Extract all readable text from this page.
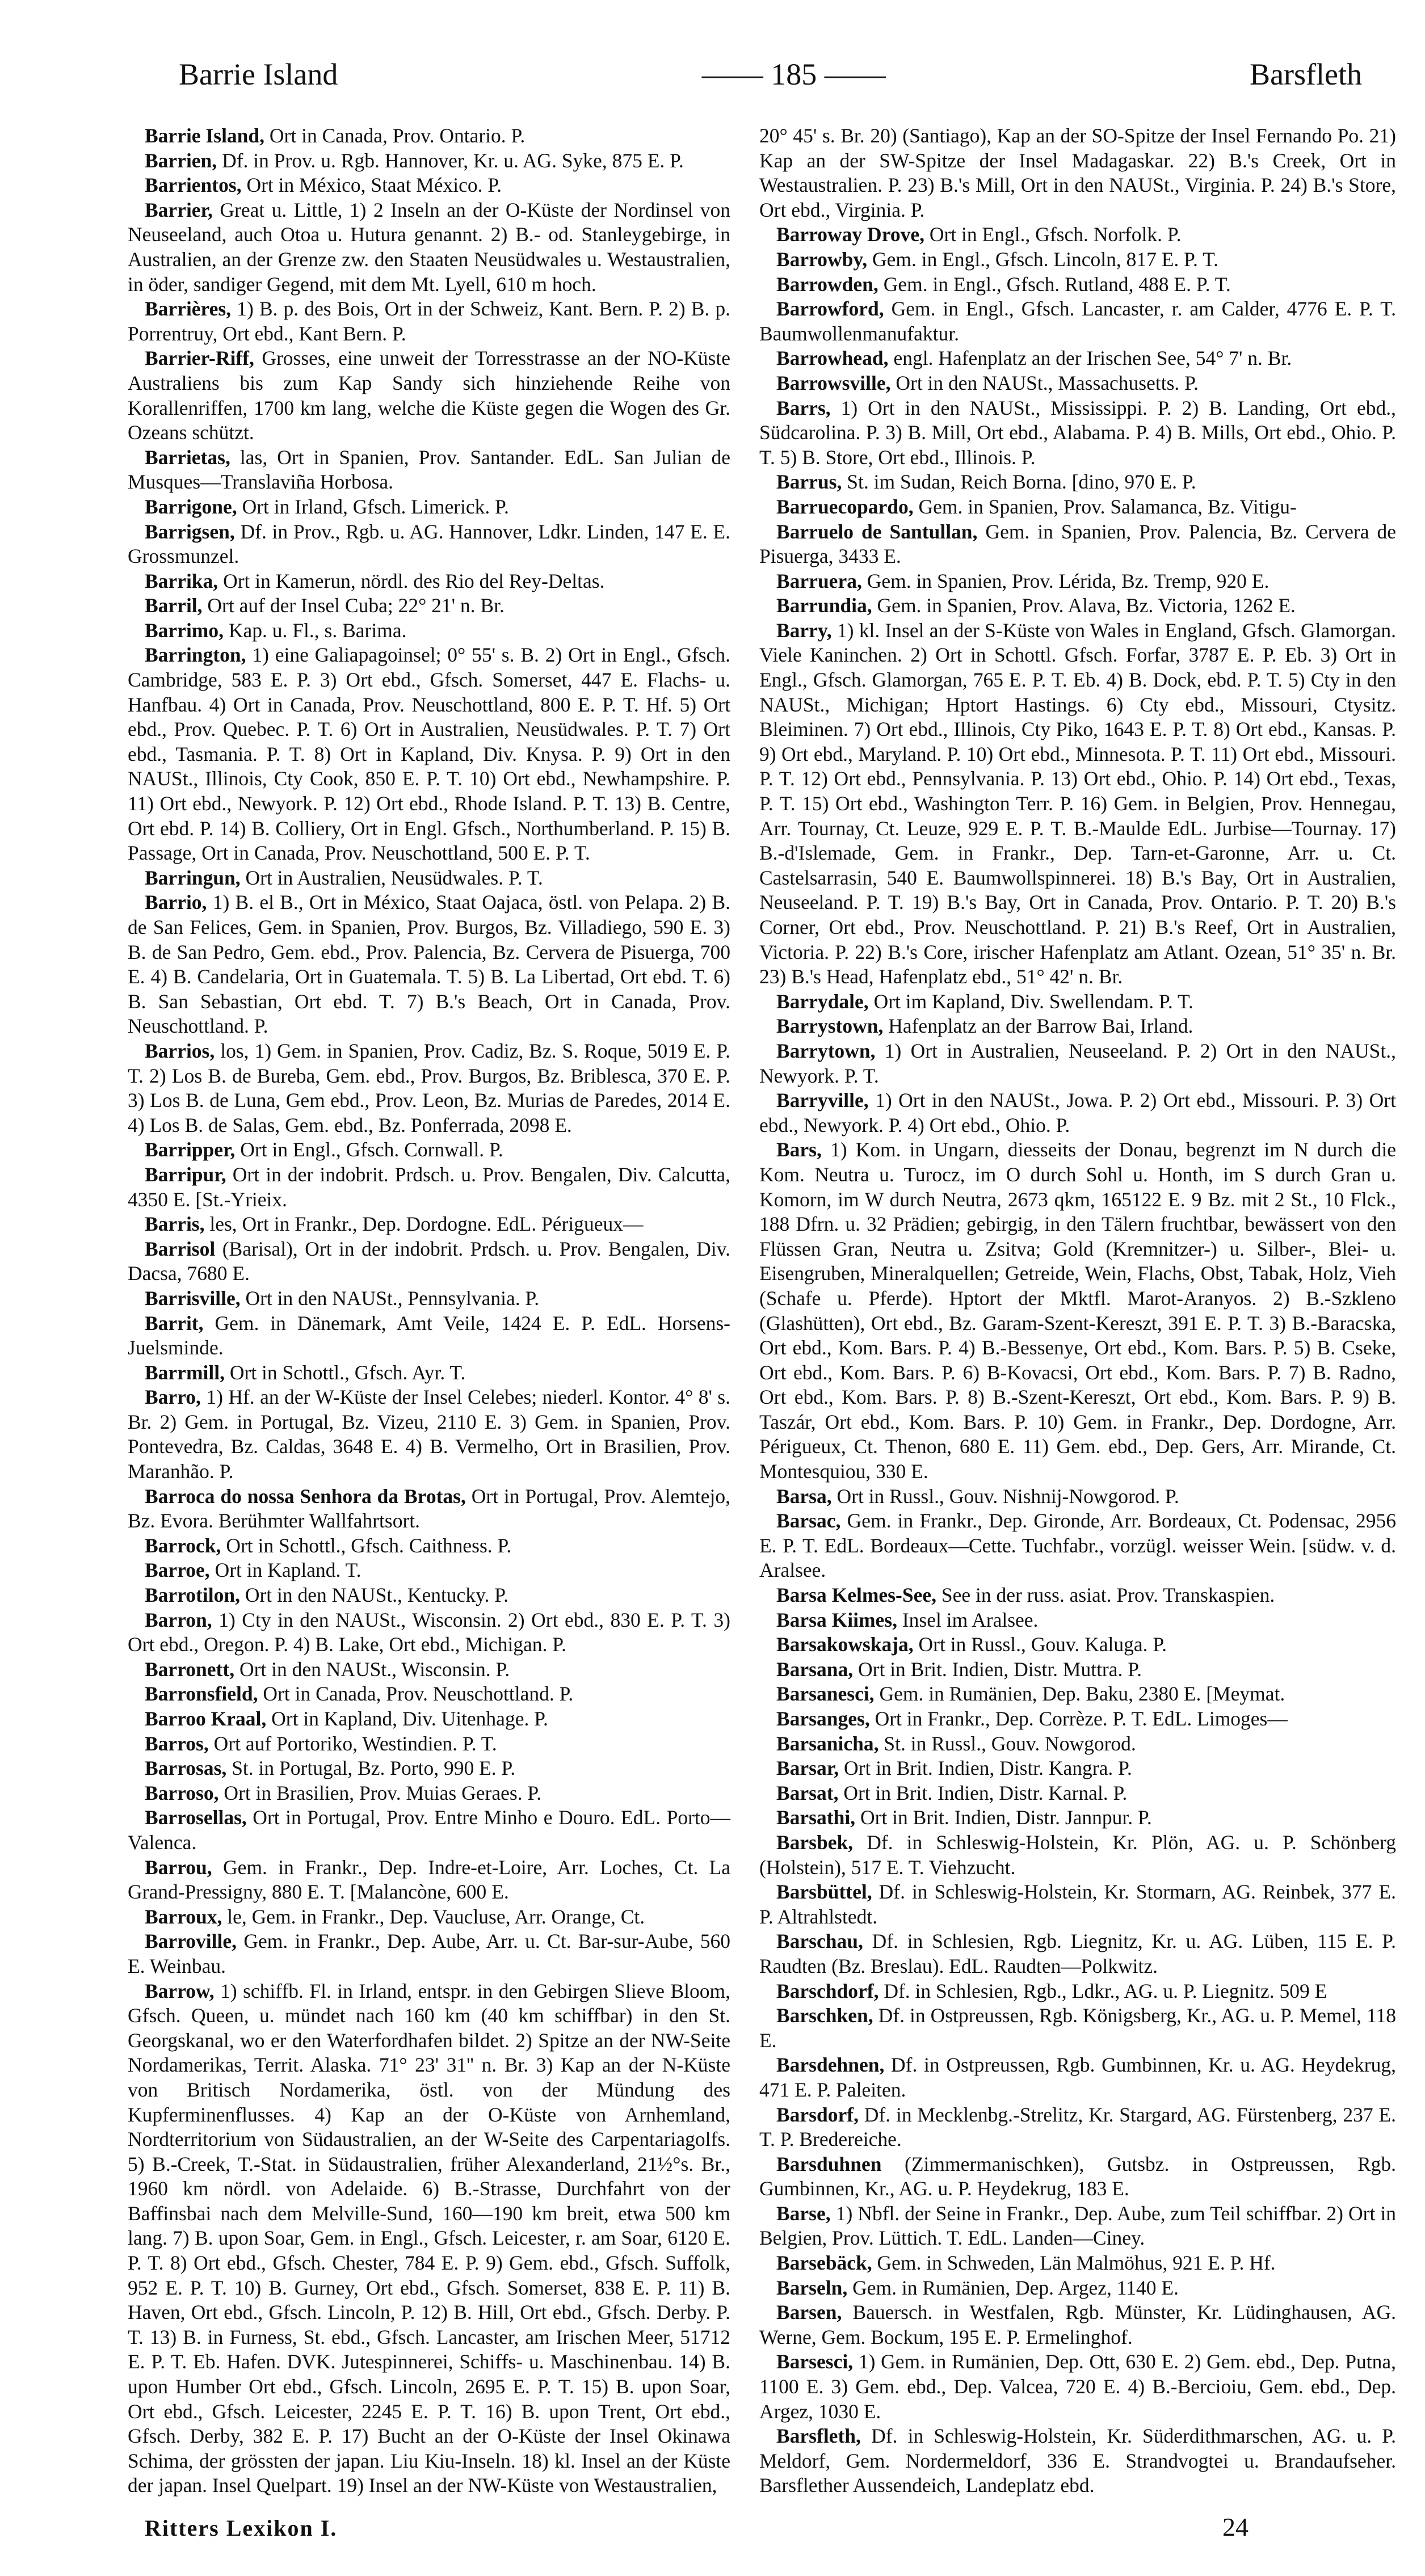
Barrie Island	—— 185 ——	Barsfleth

Barrie Island, Ort in Canada, Prov. Ontario. P.

Barrien, Df. in Prov. u. Rgb. Hannover, Kr. u. AG. Syke, 875 E. P.

Barrientos, Ort in México, Staat México. P.

Barrier, Great u. Little, 1) 2 Inseln an der O-Küste der Nordinsel von Neuseeland, auch Otoa u. Hutura genannt. 2) B.- od. Stanleygebirge, in Australien, an der Grenze zw. den Staaten Neusüdwales u. Westaustralien, in öder, sandiger Gegend, mit dem Mt. Lyell, 610 m hoch.

Barrières, 1) B. p. des Bois, Ort in der Schweiz, Kant. Bern. P. 2) B. p. Porrentruy, Ort ebd., Kant Bern. P.

Barrier-Riff, Grosses, eine unweit der Torresstrasse an der NO-Küste Australiens bis zum Kap Sandy sich hinziehende Reihe von Korallenriffen, 1700 km lang, welche die Küste gegen die Wogen des Gr. Ozeans schützt.

Barrietas, las, Ort in Spanien, Prov. Santander. EdL. San Julian de Musques—Translaviña Horbosa.

Barrigone, Ort in Irland, Gfsch. Limerick. P.

Barrigsen, Df. in Prov., Rgb. u. AG. Hannover, Ldkr. Linden, 147 E. E. Grossmunzel.

Barrika, Ort in Kamerun, nördl. des Rio del Rey-Deltas.

Barril, Ort auf der Insel Cuba; 22° 21' n. Br.

Barrimo, Kap. u. Fl., s. Barima.

Barrington, 1) eine Galiapagoinsel; 0° 55' s. B. 2) Ort in Engl., Gfsch. Cambridge, 583 E. P. 3) Ort ebd., Gfsch. Somerset, 447 E. Flachs- u. Hanfbau. 4) Ort in Canada, Prov. Neuschottland, 800 E. P. T. Hf. 5) Ort ebd., Prov. Quebec. P. T. 6) Ort in Australien, Neusüdwales. P. T. 7) Ort ebd., Tasmania. P. T. 8) Ort in Kapland, Div. Knysa. P. 9) Ort in den NAUSt., Illinois, Cty Cook, 850 E. P. T. 10) Ort ebd., Newhampshire. P. 11) Ort ebd., Newyork. P. 12) Ort ebd., Rhode Island. P. T. 13) B. Centre, Ort ebd. P. 14) B. Colliery, Ort in Engl. Gfsch., Northumberland. P. 15) B. Passage, Ort in Canada, Prov. Neuschottland, 500 E. P. T.

Barringun, Ort in Australien, Neusüdwales. P. T.

Barrio, 1) B. el B., Ort in México, Staat Oajaca, östl. von Pelapa. 2) B. de San Felices, Gem. in Spanien, Prov. Burgos, Bz. Villadiego, 590 E. 3) B. de San Pedro, Gem. ebd., Prov. Palencia, Bz. Cervera de Pisuerga, 700 E. 4) B. Candelaria, Ort in Guatemala. T. 5) B. La Libertad, Ort ebd. T. 6) B. San Sebastian, Ort ebd. T. 7) B.'s Beach, Ort in Canada, Prov. Neuschottland. P.

Barrios, los, 1) Gem. in Spanien, Prov. Cadiz, Bz. S. Roque, 5019 E. P. T. 2) Los B. de Bureba, Gem. ebd., Prov. Burgos, Bz. Briblesca, 370 E. P. 3) Los B. de Luna, Gem ebd., Prov. Leon, Bz. Murias de Paredes, 2014 E. 4) Los B. de Salas, Gem. ebd., Bz. Ponferrada, 2098 E.

Barripper, Ort in Engl., Gfsch. Cornwall. P.

Barripur, Ort in der indobrit. Prdsch. u. Prov. Bengalen, Div. Calcutta, 4350 E. [St.-Yrieix.

Barris, les, Ort in Frankr., Dep. Dordogne. EdL. Périgueux—

Barrisol (Barisal), Ort in der indobrit. Prdsch. u. Prov. Bengalen, Div. Dacsa, 7680 E.

Barrisville, Ort in den NAUSt., Pennsylvania. P.

Barrit, Gem. in Dänemark, Amt Veile, 1424 E. P. EdL. Horsens-Juelsminde.

Barrmill, Ort in Schottl., Gfsch. Ayr. T.

Barro, 1) Hf. an der W-Küste der Insel Celebes; niederl. Kontor. 4° 8' s. Br. 2) Gem. in Portugal, Bz. Vizeu, 2110 E. 3) Gem. in Spanien, Prov. Pontevedra, Bz. Caldas, 3648 E. 4) B. Vermelho, Ort in Brasilien, Prov. Maranhão. P.

Barroca do nossa Senhora da Brotas, Ort in Portugal, Prov. Alemtejo, Bz. Evora. Berühmter Wallfahrtsort.

Barrock, Ort in Schottl., Gfsch. Caithness. P.

Barroe, Ort in Kapland. T.

Barrotilon, Ort in den NAUSt., Kentucky. P.

Barron, 1) Cty in den NAUSt., Wisconsin. 2) Ort ebd., 830 E. P. T. 3) Ort ebd., Oregon. P. 4) B. Lake, Ort ebd., Michigan. P.

Barronett, Ort in den NAUSt., Wisconsin. P.

Barronsfield, Ort in Canada, Prov. Neuschottland. P.

Barroo Kraal, Ort in Kapland, Div. Uitenhage. P.

Barros, Ort auf Portoriko, Westindien. P. T.

Barrosas, St. in Portugal, Bz. Porto, 990 E. P.

Barroso, Ort in Brasilien, Prov. Muias Geraes. P.

Barrosellas, Ort in Portugal, Prov. Entre Minho e Douro. EdL. Porto—Valenca.

Barrou, Gem. in Frankr., Dep. Indre-et-Loire, Arr. Loches, Ct. La Grand-Pressigny, 880 E. T. [Malancòne, 600 E.

Barroux, le, Gem. in Frankr., Dep. Vaucluse, Arr. Orange, Ct.

Barroville, Gem. in Frankr., Dep. Aube, Arr. u. Ct. Bar-sur-Aube, 560 E. Weinbau.

Barrow, 1) schiffb. Fl. in Irland, entspr. in den Gebirgen Slieve Bloom, Gfsch. Queen, u. mündet nach 160 km (40 km schiffbar) in den St. Georgskanal, wo er den Waterfordhafen bildet. 2) Spitze an der NW-Seite Nordamerikas, Territ. Alaska. 71° 23' 31'' n. Br. 3) Kap an der N-Küste von Britisch Nordamerika, östl. von der Mündung des Kupferminenflusses. 4) Kap an der O-Küste von Arnhemland, Nordterritorium von Südaustralien, an der W-Seite des Carpentariagolfs. 5) B.-Creek, T.-Stat. in Südaustralien, früher Alexanderland, 21½°s. Br., 1960 km nördl. von Adelaide. 6) B.-Strasse, Durchfahrt von der Baffinsbai nach dem Melville-Sund, 160—190 km breit, etwa 500 km lang. 7) B. upon Soar, Gem. in Engl., Gfsch. Leicester, r. am Soar, 6120 E. P. T. 8) Ort ebd., Gfsch. Chester, 784 E. P. 9) Gem. ebd., Gfsch. Suffolk, 952 E. P. T. 10) B. Gurney, Ort ebd., Gfsch. Somerset, 838 E. P. 11) B. Haven, Ort ebd., Gfsch. Lincoln, P. 12) B. Hill, Ort ebd., Gfsch. Derby. P. T. 13) B. in Furness, St. ebd., Gfsch. Lancaster, am Irischen Meer, 51712 E. P. T. Eb. Hafen. DVK. Jutespinnerei, Schiffs- u. Maschinenbau. 14) B. upon Humber Ort ebd., Gfsch. Lincoln, 2695 E. P. T. 15) B. upon Soar, Ort ebd., Gfsch. Leicester, 2245 E. P. T. 16) B. upon Trent, Ort ebd., Gfsch. Derby, 382 E. P. 17) Bucht an der O-Küste der Insel Okinawa Schima, der grössten der japan. Liu Kiu-Inseln. 18) kl. Insel an der Küste der japan. Insel Quelpart. 19) Insel an der NW-Küste von Westaustralien,

20° 45' s. Br. 20) (Santiago), Kap an der SO-Spitze der Insel Fernando Po. 21) Kap an der SW-Spitze der Insel Madagaskar. 22) B.'s Creek, Ort in Westaustralien. P. 23) B.'s Mill, Ort in den NAUSt., Virginia. P. 24) B.'s Store, Ort ebd., Virginia. P.

Barroway Drove, Ort in Engl., Gfsch. Norfolk. P.

Barrowby, Gem. in Engl., Gfsch. Lincoln, 817 E. P. T.

Barrowden, Gem. in Engl., Gfsch. Rutland, 488 E. P. T.

Barrowford, Gem. in Engl., Gfsch. Lancaster, r. am Calder, 4776 E. P. T. Baumwollenmanufaktur.

Barrowhead, engl. Hafenplatz an der Irischen See, 54° 7' n. Br.

Barrowsville, Ort in den NAUSt., Massachusetts. P.

Barrs, 1) Ort in den NAUSt., Mississippi. P. 2) B. Landing, Ort ebd., Südcarolina. P. 3) B. Mill, Ort ebd., Alabama. P. 4) B. Mills, Ort ebd., Ohio. P. T. 5) B. Store, Ort ebd., Illinois. P.

Barrus, St. im Sudan, Reich Borna. [dino, 970 E. P.

Barruecopardo, Gem. in Spanien, Prov. Salamanca, Bz. Vitigu-

Barruelo de Santullan, Gem. in Spanien, Prov. Palencia, Bz. Cervera de Pisuerga, 3433 E.

Barruera, Gem. in Spanien, Prov. Lérida, Bz. Tremp, 920 E.

Barrundia, Gem. in Spanien, Prov. Alava, Bz. Victoria, 1262 E.

Barry, 1) kl. Insel an der S-Küste von Wales in England, Gfsch. Glamorgan. Viele Kaninchen. 2) Ort in Schottl. Gfsch. Forfar, 3787 E. P. Eb. 3) Ort in Engl., Gfsch. Glamorgan, 765 E. P. T. Eb. 4) B. Dock, ebd. P. T. 5) Cty in den NAUSt., Michigan; Hptort Hastings. 6) Cty ebd., Missouri, Ctysitz. Bleiminen. 7) Ort ebd., Illinois, Cty Piko, 1643 E. P. T. 8) Ort ebd., Kansas. P. 9) Ort ebd., Maryland. P. 10) Ort ebd., Minnesota. P. T. 11) Ort ebd., Missouri. P. T. 12) Ort ebd., Pennsylvania. P. 13) Ort ebd., Ohio. P. 14) Ort ebd., Texas, P. T. 15) Ort ebd., Washington Terr. P. 16) Gem. in Belgien, Prov. Hennegau, Arr. Tournay, Ct. Leuze, 929 E. P. T. B.-Maulde EdL. Jurbise—Tournay. 17) B.-d'Islemade, Gem. in Frankr., Dep. Tarn-et-Garonne, Arr. u. Ct. Castelsarrasin, 540 E. Baumwollspinnerei. 18) B.'s Bay, Ort in Australien, Neuseeland. P. T. 19) B.'s Bay, Ort in Canada, Prov. Ontario. P. T. 20) B.'s Corner, Ort ebd., Prov. Neuschottland. P. 21) B.'s Reef, Ort in Australien, Victoria. P. 22) B.'s Core, irischer Hafenplatz am Atlant. Ozean, 51° 35' n. Br. 23) B.'s Head, Hafenplatz ebd., 51° 42' n. Br.

Barrydale, Ort im Kapland, Div. Swellendam. P. T.

Barrystown, Hafenplatz an der Barrow Bai, Irland.

Barrytown, 1) Ort in Australien, Neuseeland. P. 2) Ort in den NAUSt., Newyork. P. T.

Barryville, 1) Ort in den NAUSt., Jowa. P. 2) Ort ebd., Missouri. P. 3) Ort ebd., Newyork. P. 4) Ort ebd., Ohio. P.

Bars, 1) Kom. in Ungarn, diesseits der Donau, begrenzt im N durch die Kom. Neutra u. Turocz, im O durch Sohl u. Honth, im S durch Gran u. Komorn, im W durch Neutra, 2673 qkm, 165122 E. 9 Bz. mit 2 St., 10 Flck., 188 Dfrn. u. 32 Prädien; gebirgig, in den Tälern fruchtbar, bewässert von den Flüssen Gran, Neutra u. Zsitva; Gold (Kremnitzer-) u. Silber-, Blei- u. Eisengruben, Mineralquellen; Getreide, Wein, Flachs, Obst, Tabak, Holz, Vieh (Schafe u. Pferde). Hptort der Mktfl. Marot-Aranyos. 2) B.-Szkleno (Glashütten), Ort ebd., Bz. Garam-Szent-Kereszt, 391 E. P. T. 3) B.-Baracska, Ort ebd., Kom. Bars. P. 4) B.-Bessenye, Ort ebd., Kom. Bars. P. 5) B. Cseke, Ort ebd., Kom. Bars. P. 6) B-Kovacsi, Ort ebd., Kom. Bars. P. 7) B. Radno, Ort ebd., Kom. Bars. P. 8) B.-Szent-Kereszt, Ort ebd., Kom. Bars. P. 9) B. Taszár, Ort ebd., Kom. Bars. P. 10) Gem. in Frankr., Dep. Dordogne, Arr. Périgueux, Ct. Thenon, 680 E. 11) Gem. ebd., Dep. Gers, Arr. Mirande, Ct. Montesquiou, 330 E.

Barsa, Ort in Russl., Gouv. Nishnij-Nowgorod. P.

Barsac, Gem. in Frankr., Dep. Gironde, Arr. Bordeaux, Ct. Podensac, 2956 E. P. T. EdL. Bordeaux—Cette. Tuchfabr., vorzügl. weisser Wein. [südw. v. d. Aralsee.

Barsa Kelmes-See, See in der russ. asiat. Prov. Transkaspien.

Barsa Kiimes, Insel im Aralsee.

Barsakowskaja, Ort in Russl., Gouv. Kaluga. P.

Barsana, Ort in Brit. Indien, Distr. Muttra. P.

Barsanesci, Gem. in Rumänien, Dep. Baku, 2380 E. [Meymat.

Barsanges, Ort in Frankr., Dep. Corrèze. P. T. EdL. Limoges—

Barsanicha, St. in Russl., Gouv. Nowgorod.

Barsar, Ort in Brit. Indien, Distr. Kangra. P.

Barsat, Ort in Brit. Indien, Distr. Karnal. P.

Barsathi, Ort in Brit. Indien, Distr. Jannpur. P.

Barsbek, Df. in Schleswig-Holstein, Kr. Plön, AG. u. P. Schönberg (Holstein), 517 E. T. Viehzucht.

Barsbüttel, Df. in Schleswig-Holstein, Kr. Stormarn, AG. Reinbek, 377 E. P. Altrahlstedt.

Barschau, Df. in Schlesien, Rgb. Liegnitz, Kr. u. AG. Lüben, 115 E. P. Raudten (Bz. Breslau). EdL. Raudten—Polkwitz.

Barschdorf, Df. in Schlesien, Rgb., Ldkr., AG. u. P. Liegnitz. 509 E

Barschken, Df. in Ostpreussen, Rgb. Königsberg, Kr., AG. u. P. Memel, 118 E.

Barsdehnen, Df. in Ostpreussen, Rgb. Gumbinnen, Kr. u. AG. Heydekrug, 471 E. P. Paleiten.

Barsdorf, Df. in Mecklenbg.-Strelitz, Kr. Stargard, AG. Fürstenberg, 237 E. T. P. Bredereiche.

Barsduhnen (Zimmermanischken), Gutsbz. in Ostpreussen, Rgb. Gumbinnen, Kr., AG. u. P. Heydekrug, 183 E.

Barse, 1) Nbfl. der Seine in Frankr., Dep. Aube, zum Teil schiffbar. 2) Ort in Belgien, Prov. Lüttich. T. EdL. Landen—Ciney.

Barsebäck, Gem. in Schweden, Län Malmöhus, 921 E. P. Hf.

Barseln, Gem. in Rumänien, Dep. Argez, 1140 E.

Barsen, Bauersch. in Westfalen, Rgb. Münster, Kr. Lüdinghausen, AG. Werne, Gem. Bockum, 195 E. P. Ermelinghof.

Barsesci, 1) Gem. in Rumänien, Dep. Ott, 630 E. 2) Gem. ebd., Dep. Putna, 1100 E. 3) Gem. ebd., Dep. Valcea, 720 E. 4) B.-Bercioiu, Gem. ebd., Dep. Argez, 1030 E.

Barsfleth, Df. in Schleswig-Holstein, Kr. Süderdithmarschen, AG. u. P. Meldorf, Gem. Nordermeldorf, 336 E. Strandvogtei u. Brandaufseher. Barsflether Aussendeich, Landeplatz ebd.

Ritters Lexikon I.	24
